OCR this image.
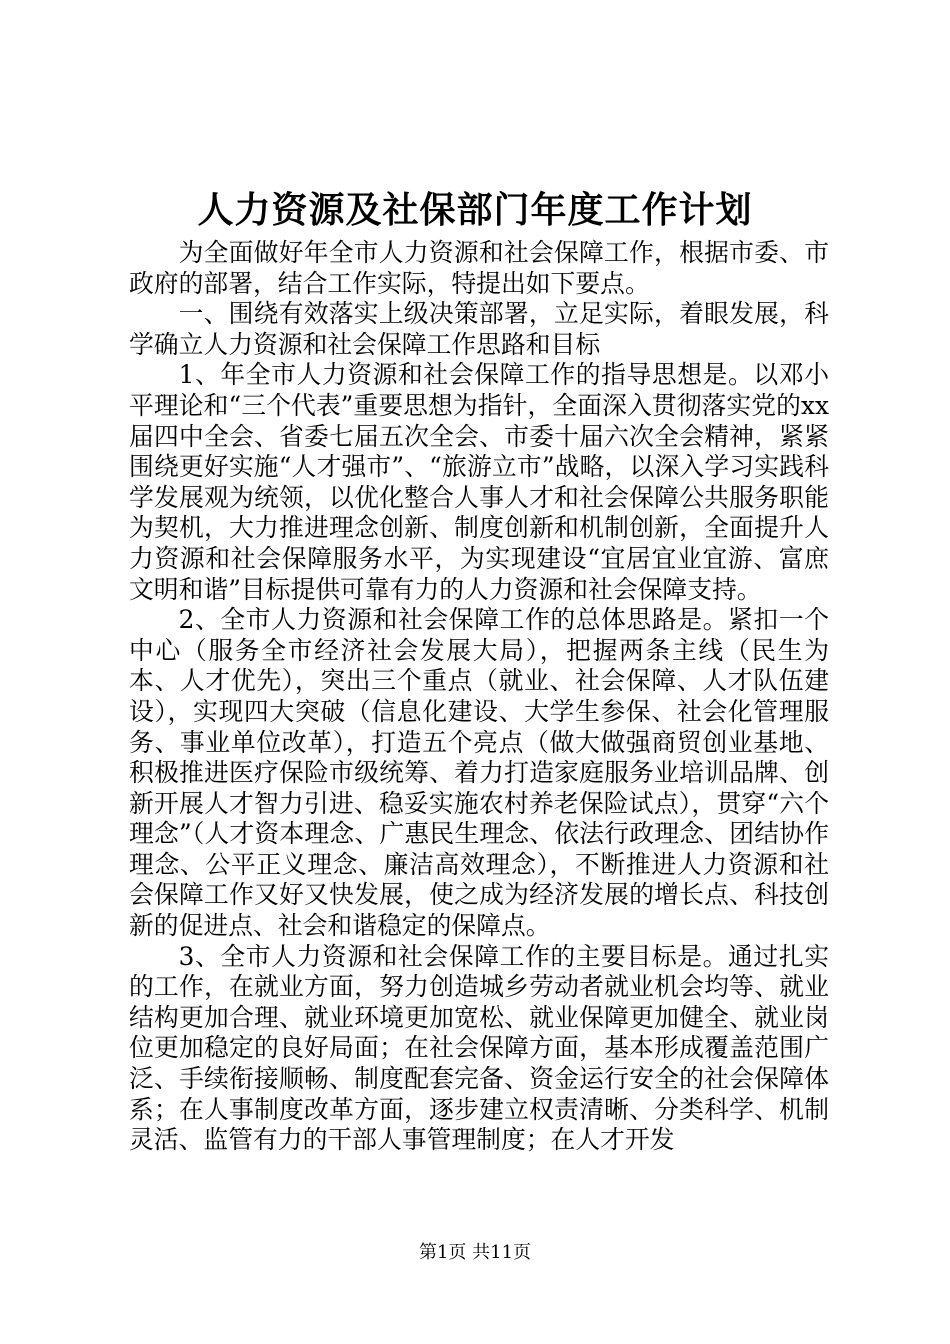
人力资源及社保部门年度工作计划

为全面做好年全市人力资源和社会保障工作，根据市委、市政府的部署，结合工作实际，特提出如下要点。

一、围绕有效落实上级决策部署，立足实际，着眼发展，科学确立人力资源和社会保障工作思路和目标

1、年全市人力资源和社会保障工作的指导思想是。以邓小平理论和“三个代表”重要思想为指针，全面深入贯彻落实党的xx届四中全会、省委七届五次全会、市委十届六次全会精神，紧紧围绕更好实施“人才强市”、“旅游立市”战略，以深入学习实践科学发展观为统领，以优化整合人事人才和社会保障公共服务职能为契机，大力推进理念创新、制度创新和机制创新，全面提升人力资源和社会保障服务水平，为实现建设“宜居宜业宜游、富庶文明和谐”目标提供可靠有力的人力资源和社会保障支持。

2、全市人力资源和社会保障工作的总体思路是。紧扣一个中心（服务全市经济社会发展大局），把握两条主线（民生为本、人才优先），突出三个重点（就业、社会保障、人才队伍建设），实现四大突破（信息化建设、大学生参保、社会化管理服务、事业单位改革），打造五个亮点（做大做强商贸创业基地、积极推进医疗保险市级统筹、着力打造家庭服务业培训品牌、创新开展人才智力引进、稳妥实施农村养老保险试点），贯穿“六个理念”（人才资本理念、广惠民生理念、依法行政理念、团结协作理念、公平正义理念、廉洁高效理念），不断推进人力资源和社会保障工作又好又快发展，使之成为经济发展的增长点、科技创新的促进点、社会和谐稳定的保障点。

3、全市人力资源和社会保障工作的主要目标是。通过扎实的工作，在就业方面，努力创造城乡劳动者就业机会均等、就业结构更加合理、就业环境更加宽松、就业保障更加健全、就业岗位更加稳定的良好局面；在社会保障方面，基本形成覆盖范围广泛、手续衔接顺畅、制度配套完备、资金运行安全的社会保障体系；在人事制度改革方面，逐步建立权责清晰、分类科学、机制灵活、监管有力的干部人事管理制度；在人才开发

第1页 共11页
